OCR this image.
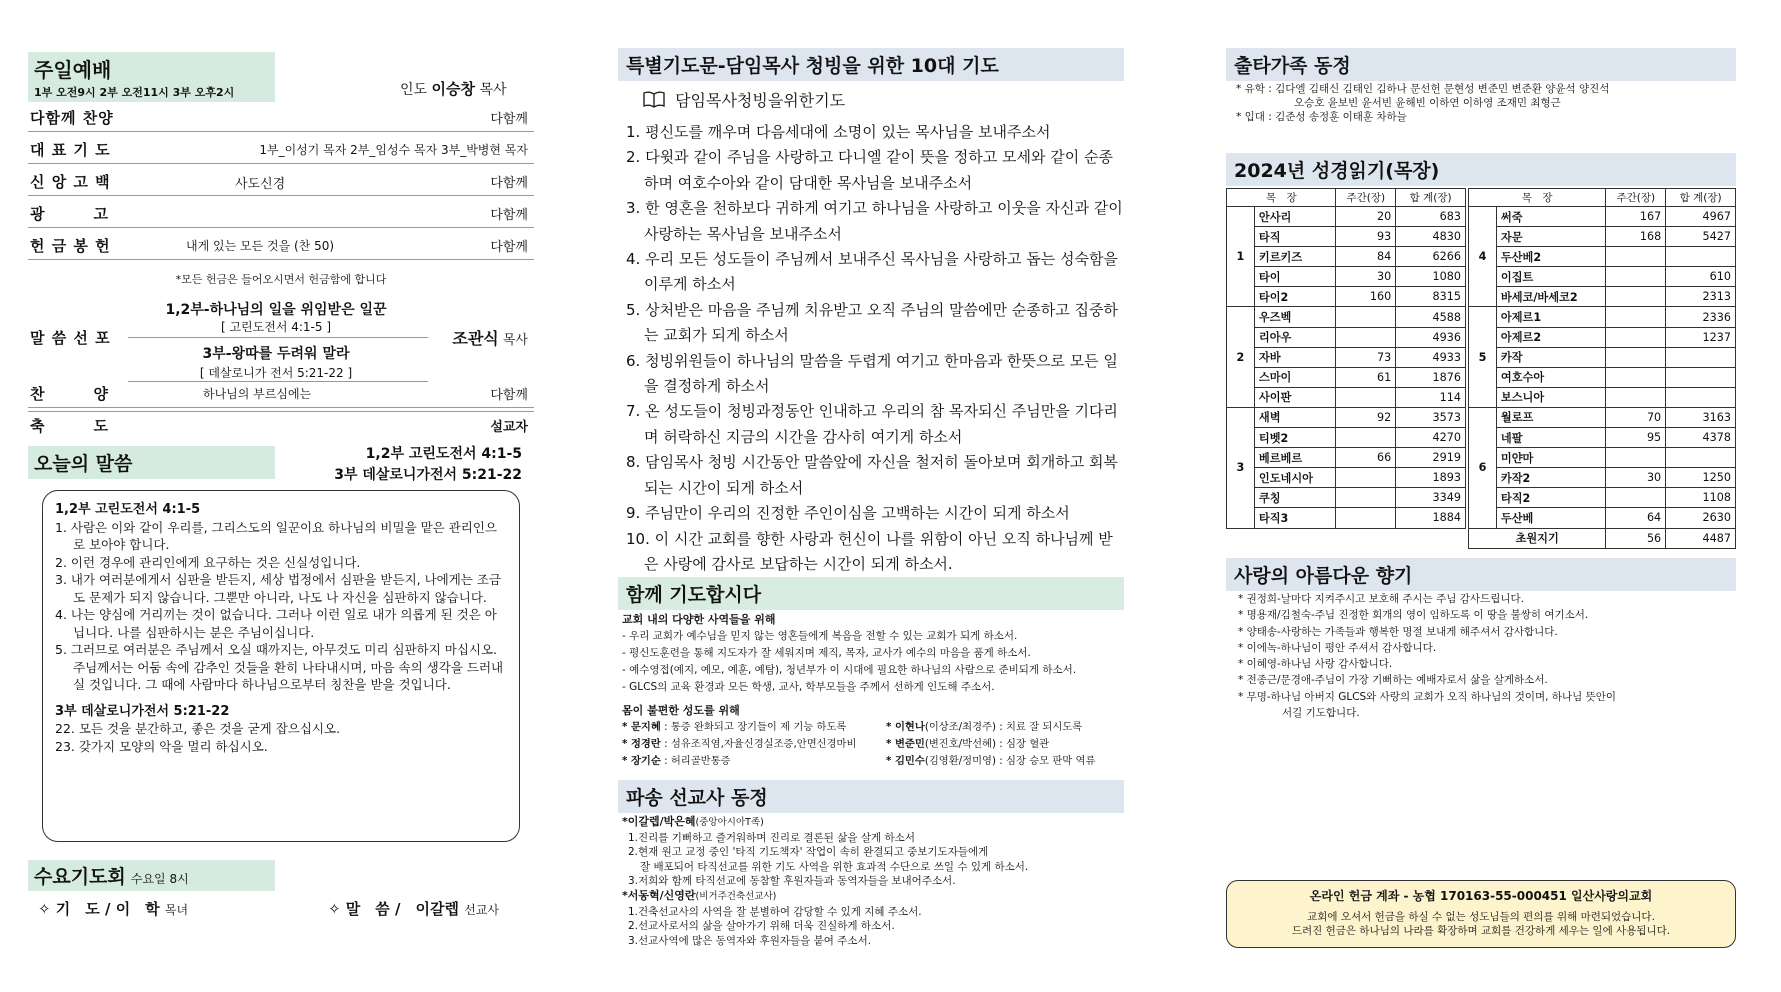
주일예배
1부 오전9시 2부 오전11시 3부 오후2시	인도 이승창 목사
다함께 찬양	다함께
대 표 기 도	1부_이성기 목자 2부_임성수 목자 3부_박병현 목자
신 앙 고 백	사도신경	다함께
광　　　고	다함께
헌 금 봉 헌	내게 있는 모든 것을 (찬 50)	다함께
*모든 헌금은 들어오시면서 헌금함에 합니다
말 씀 선 포
1,2부-하나님의 일을 위임받은 일꾼
[ 고린도전서 4:1-5 ]
3부-왕따를 두려워 말라
[ 데살로니가 전서 5:21-22 ]
조관식 목사
찬　　　양	하나님의 부르심에는	다함께
축　　　도	설교자
오늘의 말씀	1,2부 고린도전서 4:1-5
3부 데살로니가전서 5:21-22
1,2부 고린도전서 4:1-5
1. 사람은 이와 같이 우리를, 그리스도의 일꾼이요 하나님의 비밀을 맡은 관리인으로 보아야 합니다.
2. 이런 경우에 관리인에게 요구하는 것은 신실성입니다.
3. 내가 여러분에게서 심판을 받든지, 세상 법정에서 심판을 받든지, 나에게는 조금도 문제가 되지 않습니다. 그뿐만 아니라, 나도 나 자신을 심판하지 않습니다.
4. 나는 양심에 거리끼는 것이 없습니다. 그러나 이런 일로 내가 의롭게 된 것은 아닙니다. 나를 심판하시는 분은 주님이십니다.
5. 그러므로 여러분은 주님께서 오실 때까지는, 아무것도 미리 심판하지 마십시오. 주님께서는 어둠 속에 감추인 것들을 환히 나타내시며, 마음 속의 생각을 드러내실 것입니다. 그 때에 사람마다 하나님으로부터 칭찬을 받을 것입니다.
3부 데살로니가전서 5:21-22
22. 모든 것을 분간하고, 좋은 것을 굳게 잡으십시오.
23. 갖가지 모양의 악을 멀리 하십시오.
수요기도회 수요일 8시
✧ 기　도 / 이　학 목녀	✧ 말　씀 /　이갈렙 선교사
특별기도문-담임목사 청빙을 위한 10대 기도
담임목사청빙을위한기도
1. 평신도를 깨우며 다음세대에 소명이 있는 목사님을 보내주소서
2. 다윗과 같이 주님을 사랑하고 다니엘 같이 뜻을 정하고 모세와 같이 순종하며 여호수아와 같이 담대한 목사님을 보내주소서
3. 한 영혼을 천하보다 귀하게 여기고 하나님을 사랑하고 이웃을 자신과 같이 사랑하는 목사님을 보내주소서
4. 우리 모든 성도들이 주님께서 보내주신 목사님을 사랑하고 돕는 성숙함을 이루게 하소서
5. 상처받은 마음을 주님께 치유받고 오직 주님의 말씀에만 순종하고 집중하는 교회가 되게 하소서
6. 청빙위원들이 하나님의 말씀을 두렵게 여기고 한마음과 한뜻으로 모든 일을 결정하게 하소서
7. 온 성도들이 청빙과정동안 인내하고 우리의 참 목자되신 주님만을 기다리며 허락하신 지금의 시간을 감사히 여기게 하소서
8. 담임목사 청빙 시간동안 말씀앞에 자신을 철저히 돌아보며 회개하고 회복되는 시간이 되게 하소서
9. 주님만이 우리의 진정한 주인이심을 고백하는 시간이 되게 하소서
10. 이 시간 교회를 향한 사랑과 헌신이 나를 위함이 아닌 오직 하나님께 받은 사랑에 감사로 보답하는 시간이 되게 하소서.
함께 기도합시다
교회 내의 다양한 사역들을 위해
- 우리 교회가 예수님을 믿지 않는 영혼들에게 복음을 전할 수 있는 교회가 되게 하소서.
- 평신도훈련을 통해 지도자가 잘 세워지며 제직, 목자, 교사가 예수의 마음을 품게 하소서.
- 예수영접(예지, 예모, 예훈, 예탐), 청년부가 이 시대에 필요한 하나님의 사람으로 준비되게 하소서.
- GLCS의 교육 환경과 모든 학생, 교사, 학부모들을 주께서 선하게 인도해 주소서.
몸이 불편한 성도를 위해
* 문지혜 : 통증 완화되고 장기들이 제 기능 하도록	* 이현나(이상조/최경주) : 치료 잘 되시도록
* 정경란 : 섬유조직염,자율신경실조증,안면신경마비	* 변준민(변진호/박선혜) : 심장 혈관
* 장기순 : 허리골반통증	* 김민수(김영환/정미영) : 심장 승모 판막 역류
파송 선교사 동정
*이갈렙/박은혜(중앙아시아T족)
1.진리를 기뻐하고 즐거워하며 진리로 결론된 삶을 살게 하소서
2.현재 원고 교정 중인 '타직 기도책자' 작업이 속히 완결되고 중보기도자들에게
잘 배포되어 타직선교를 위한 기도 사역을 위한 효과적 수단으로 쓰일 수 있게 하소서.
3.저희와 함께 타직선교에 동참할 후원자들과 동역자들을 보내어주소서.
*서동혁/신영란(비거주건축선교사)
1.건축선교사의 사역을 잘 분별하여 감당할 수 있게 지혜 주소서.
2.선교사로서의 삶을 살아가기 위해 더욱 진실하게 하소서.
3.선교사역에 많은 동역자와 후원자들을 붙여 주소서.
출타가족 동정
* 유학 : 김다엘 김태신 김태인 김하나 문선헌 문현성 변준민 변준환 양윤석 양진석
오승호 윤보빈 윤서빈 윤해빈 이하연 이하영 조재민 최형근
* 입대 : 김준성 송정훈 이태훈 차하늘
2024년 성경읽기(목장)
목　장		주간(장)	합 계(장)
1	안사리	20	683
	타직	93	4830
	키르키즈	84	6266
	타이	30	1080
	타이2	160	8315
2	우즈벡		4588
	리아우		4936
	자바	73	4933
	스마이	61	1876
	사이판		114
3	새벽	92	3573
	티벳2		4270
	베르베르	66	2919
	인도네시아		1893
	쿠칭		3349
	타직3		1884
목　장		주간(장)	합 계(장)
4	써죽	167	4967
	자문	168	5427
	두산베2		
	이집트		610
	바세코/바세코2		2313
5	아제르1		2336
	아제르2		1237
	카작		
	여호수아		
	보스니아		
6	월로프	70	3163
	네팔	95	4378
	미얀마		
	카작2	30	1250
	타직2		1108
	두산베	64	2630
초원지기		56	4487
사랑의 아름다운 향기
* 권정희-날마다 지켜주시고 보호해 주시는 주님 감사드립니다.
* 명용재/김철숙-주님 진정한 회개의 영이 임하도록 이 땅을 불쌍히 여기소서.
* 양태송-사랑하는 가족들과 행복한 명절 보내게 해주셔서 감사합니다.
* 이에녹-하나님이 평안 주셔서 감사합니다.
* 이혜영-하나님 사랑 감사합니다.
* 전종근/문경애-주님이 가장 기뻐하는 예배자로서 삶을 살게하소서.
* 무명-하나님 아버지 GLCS와 사랑의 교회가 오직 하나님의 것이며, 하나님 뜻안이
서길 기도합니다.
온라인 헌금 계좌 - 농협 170163-55-000451 일산사랑의교회
교회에 오셔서 헌금을 하실 수 없는 성도님들의 편의를 위해 마련되었습니다.
드려진 헌금은 하나님의 나라를 확장하며 교회를 건강하게 세우는 일에 사용됩니다.
